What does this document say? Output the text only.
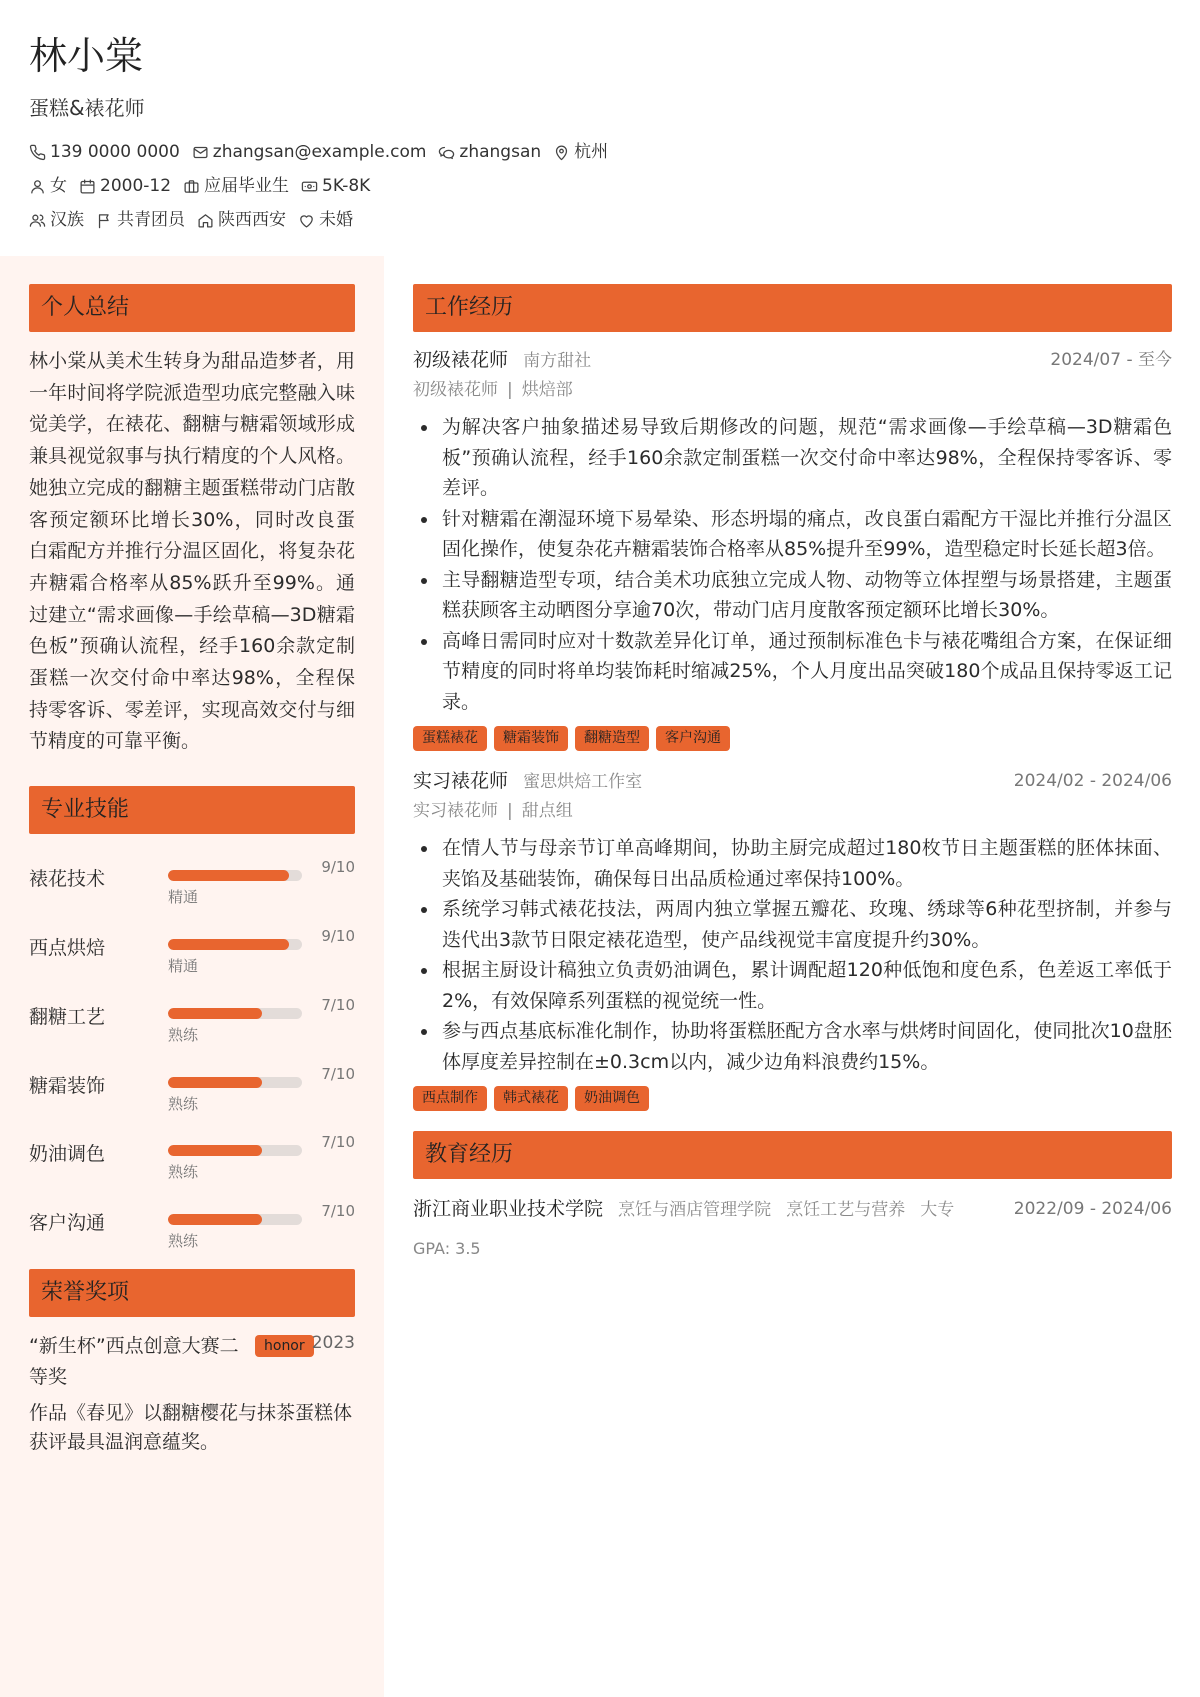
林小棠
蛋糕&裱花师
139 0000 0000 zhangsan@example.com zhangsan 杭州
女 2000-12 应届毕业生 5K-8K
汉族 共青团员 陕西西安 未婚
个人总结
林小棠从美术生转身为甜品造梦者，用一年时间将学院派造型功底完整融入味觉美学，在裱花、翻糖与糖霜领域形成兼具视觉叙事与执行精度的个人风格。她独立完成的翻糖主题蛋糕带动门店散客预定额环比增长30%，同时改良蛋白霜配方并推行分温区固化，将复杂花卉糖霜合格率从85%跃升至99%。通过建立“需求画像—手绘草稿—3D糖霜色板”预确认流程，经手160余款定制蛋糕一次交付命中率达98%，全程保持零客诉、零差评，实现高效交付与细节精度的可靠平衡。
专业技能
裱花技术
9/10
精通
西点烘焙
9/10
精通
翻糖工艺
7/10
熟练
糖霜装饰
7/10
熟练
奶油调色
7/10
熟练
客户沟通
7/10
熟练
荣誉奖项
“新生杯”西点创意大赛二等奖
honor 2023
作品《春见》以翻糖樱花与抹茶蛋糕体获评最具温润意蕴奖。
工作经历
初级裱花师 南方甜社	2024/07 - 至今
初级裱花师 | 烘焙部
为解决客户抽象描述易导致后期修改的问题，规范“需求画像—手绘草稿—3D糖霜色板”预确认流程，经手160余款定制蛋糕一次交付命中率达98%，全程保持零客诉、零差评。
针对糖霜在潮湿环境下易晕染、形态坍塌的痛点，改良蛋白霜配方干湿比并推行分温区固化操作，使复杂花卉糖霜装饰合格率从85%提升至99%，造型稳定时长延长超3倍。
主导翻糖造型专项，结合美术功底独立完成人物、动物等立体捏塑与场景搭建，主题蛋糕获顾客主动晒图分享逾70次，带动门店月度散客预定额环比增长30%。
高峰日需同时应对十数款差异化订单，通过预制标准色卡与裱花嘴组合方案，在保证细节精度的同时将单均装饰耗时缩减25%，个人月度出品突破180个成品且保持零返工记录。
蛋糕裱花	糖霜装饰	翻糖造型	客户沟通
实习裱花师 蜜思烘焙工作室	2024/02 - 2024/06
实习裱花师 | 甜点组
在情人节与母亲节订单高峰期间，协助主厨完成超过180枚节日主题蛋糕的胚体抹面、夹馅及基础装饰，确保每日出品质检通过率保持100%。
系统学习韩式裱花技法，两周内独立掌握五瓣花、玫瑰、绣球等6种花型挤制，并参与迭代出3款节日限定裱花造型，使产品线视觉丰富度提升约30%。
根据主厨设计稿独立负责奶油调色，累计调配超120种低饱和度色系，色差返工率低于2%，有效保障系列蛋糕的视觉统一性。
参与西点基底标准化制作，协助将蛋糕胚配方含水率与烘烤时间固化，使同批次10盘胚体厚度差异控制在±0.3cm以内，减少边角料浪费约15%。
西点制作	韩式裱花	奶油调色
教育经历
浙江商业职业技术学院 烹饪与酒店管理学院 烹饪工艺与营养 大专	2022/09 - 2024/06
GPA: 3.5
